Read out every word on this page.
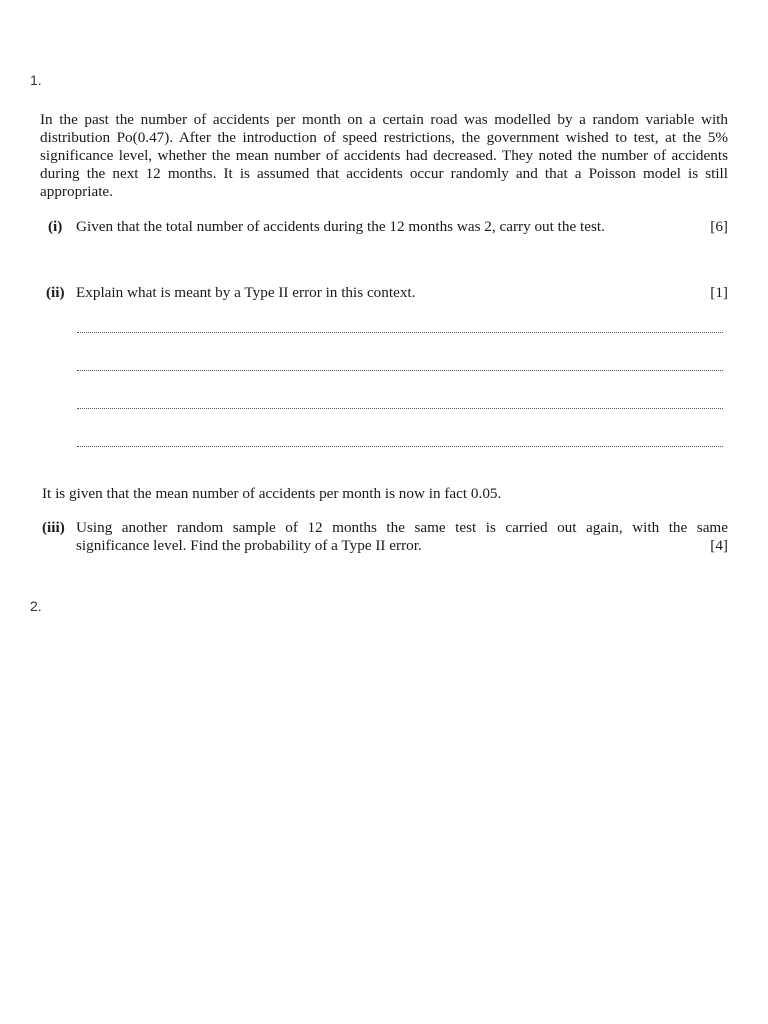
1.

In the past the number of accidents per month on a certain road was modelled by a random variable with distribution Po(0.47). After the introduction of speed restrictions, the government wished to test, at the 5% significance level, whether the mean number of accidents had decreased. They noted the number of accidents during the next 12 months. It is assumed that accidents occur randomly and that a Poisson model is still appropriate.

(i) Given that the total number of accidents during the 12 months was 2, carry out the test.	[6]
(ii) Explain what is meant by a Type II error in this context.	[1]

It is given that the mean number of accidents per month is now in fact 0.05.

(iii) Using another random sample of 12 months the same test is carried out again, with the same
significance level. Find the probability of a Type II error.	[4]
2.
